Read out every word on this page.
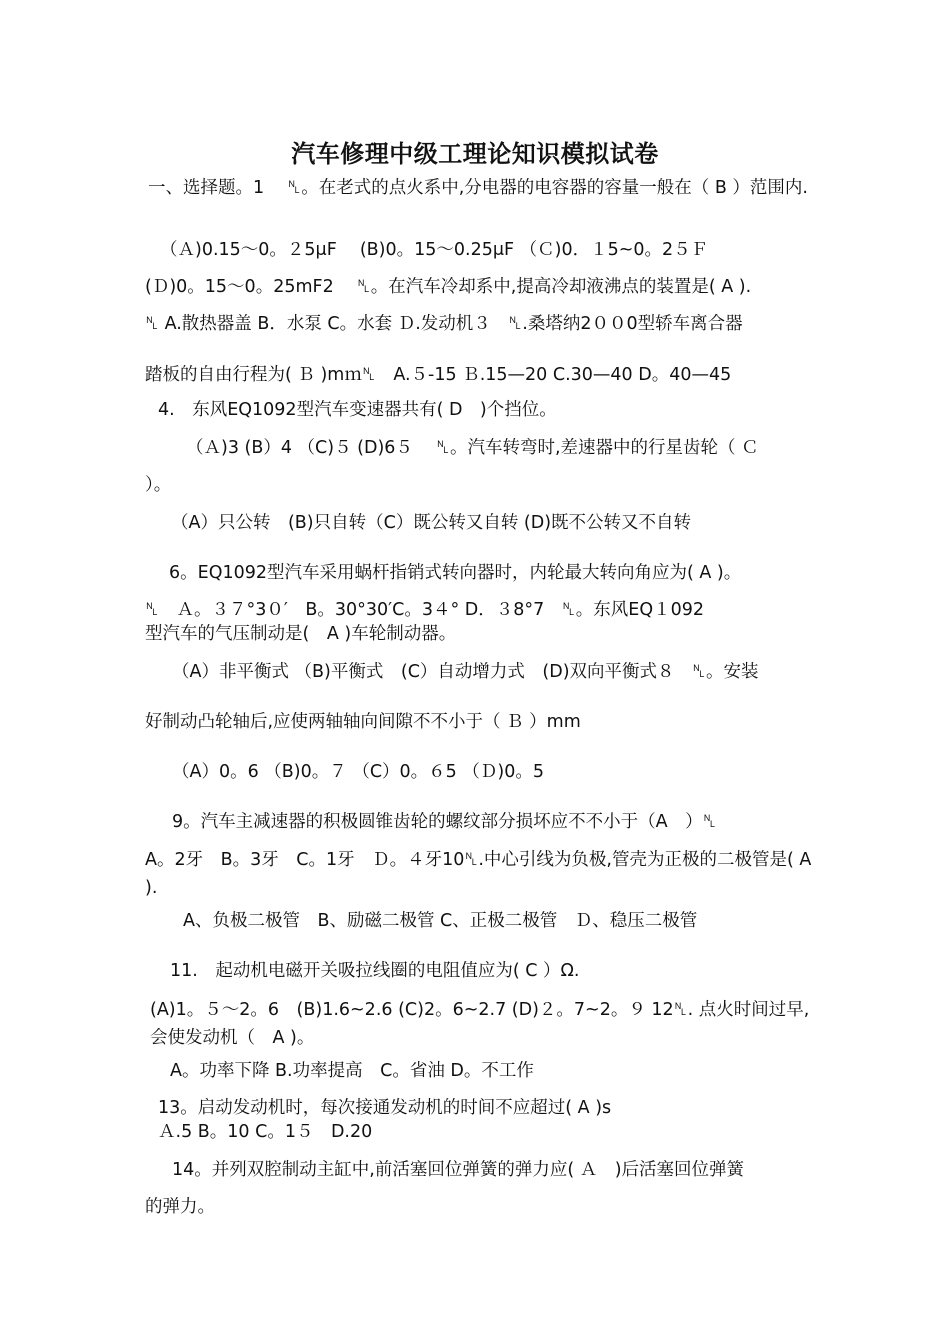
汽车修理中级工理论知识模拟试卷
一、选择题。1　 ␤。在老式的点火系中,分电器的电容器的容量一般在（ B ）范围内.
（Ａ)0.15～0。２5μF　 (B)0。15～0.25μF （Ｃ)0．１5~0。2５Ｆ
(Ｄ)0。15～0。25mF2　 ␤。在汽车冷却系中,提高冷却液沸点的装置是( A ).
␤ A.散热器盖 B．水泵 C。水套 Ｄ.发动机３　␤.桑塔纳2００0型轿车离合器
踏板的自由行程为( Ｂ )mｍ␤　A.５-15 Ｂ.15—20 C.30—40 D。40—45
4.　东风EQ1092型汽车变速器共有( D　)个挡位。
（Ａ)3 (B）4 （C)５ (D)6５　 ␤。汽车转弯时,差速器中的行星齿轮（ Ｃ
）。
（A）只公转　(B)只自转（C）既公转又自转 (D)既不公转又不自转
6。EQ1092型汽车采用蜗杆指销式转向器时，内轮最大转向角应为( A )。
␤　Ａ。３７°3０′　B。30°30′C。3４° D．３8°7　␤。东风EQ１092
型汽车的气压制动是(　A )车轮制动器。
（A）非平衡式 （B)平衡式　(C）自动增力式　(D)双向平衡式８　␤。安装
好制动凸轮轴后,应使两轴轴向间隙不不小于（ Ｂ ）mm
（A）0。6 （B)0。７ （C）0。６5 （Ｄ)0。5
9。汽车主减速器的积极圆锥齿轮的螺纹部分损坏应不不小于（A　）␤
A。2牙　B。3牙　C。1牙　Ｄ。４牙10␤.中心引线为负极,管壳为正极的二极管是( A ).
A、负极二极管　B、励磁二极管 C、正极二极管　Ｄ、稳压二极管
11.　起动机电磁开关吸拉线圈的电阻值应为( C ）Ω.
(A)1。５～2。6　(B)1.6~2.6 (C)2。6~2.7 (D)２。7~2。９ 12␤. 点火时间过早,会使发动机（　A )。
A。功率下降 B.功率提高　C。省油 D。不工作
13。启动发动机时，每次接通发动机的时间不应超过( A )s
Ａ.5 B。10 C。1５　D.20
14。并列双腔制动主缸中,前活塞回位弹簧的弹力应( Ａ　)后活塞回位弹簧
的弹力。
